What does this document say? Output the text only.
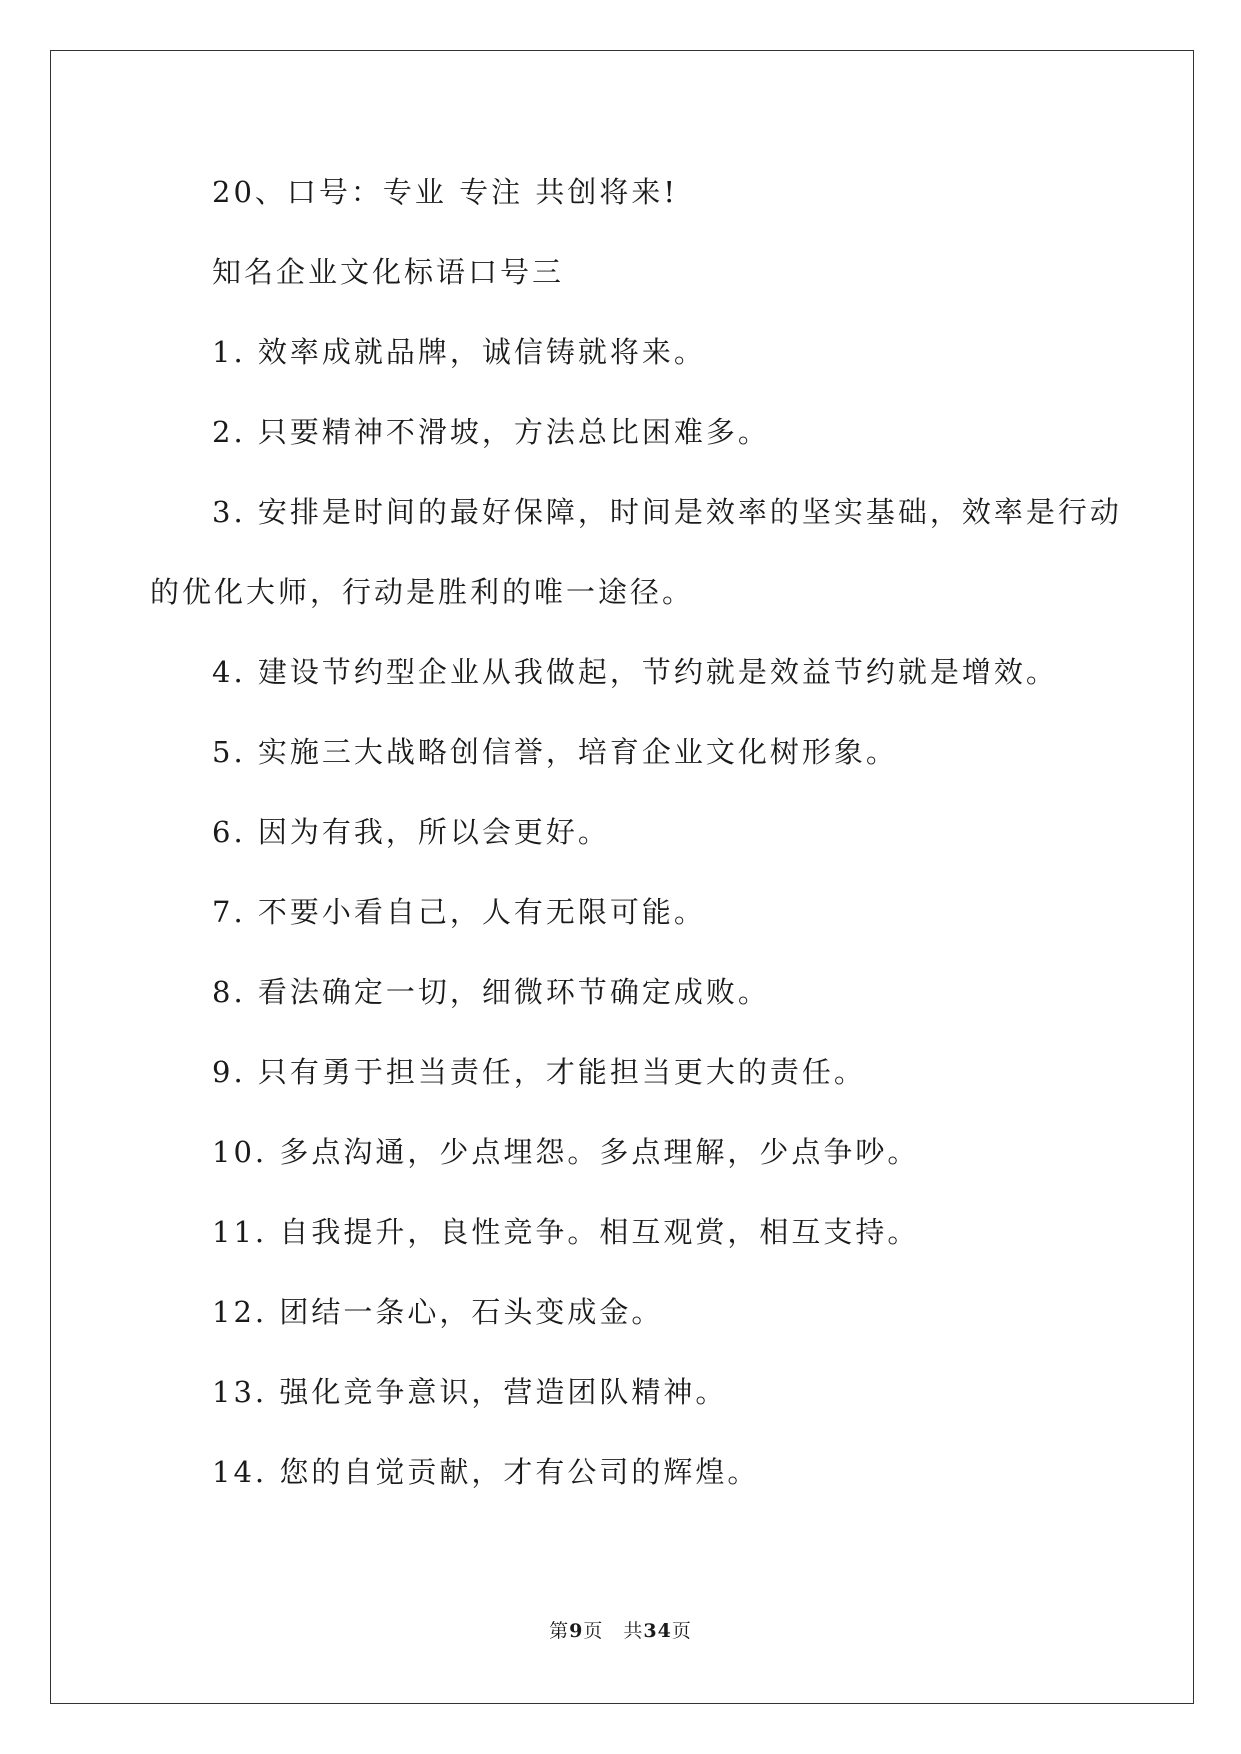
20、口号：专业 专注 共创将来!
知名企业文化标语口号三
1. 效率成就品牌，诚信铸就将来。
2. 只要精神不滑坡，方法总比困难多。
3. 安排是时间的最好保障，时间是效率的坚实基础，效率是行动
的优化大师，行动是胜利的唯一途径。
4. 建设节约型企业从我做起，节约就是效益节约就是增效。
5. 实施三大战略创信誉，培育企业文化树形象。
6. 因为有我，所以会更好。
7. 不要小看自己，人有无限可能。
8. 看法确定一切，细微环节确定成败。
9. 只有勇于担当责任，才能担当更大的责任。
10. 多点沟通，少点埋怨。多点理解，少点争吵。
11. 自我提升，良性竞争。相互观赏，相互支持。
12. 团结一条心，石头变成金。
13. 强化竞争意识，营造团队精神。
14. 您的自觉贡献，才有公司的辉煌。
第9页　共34页
